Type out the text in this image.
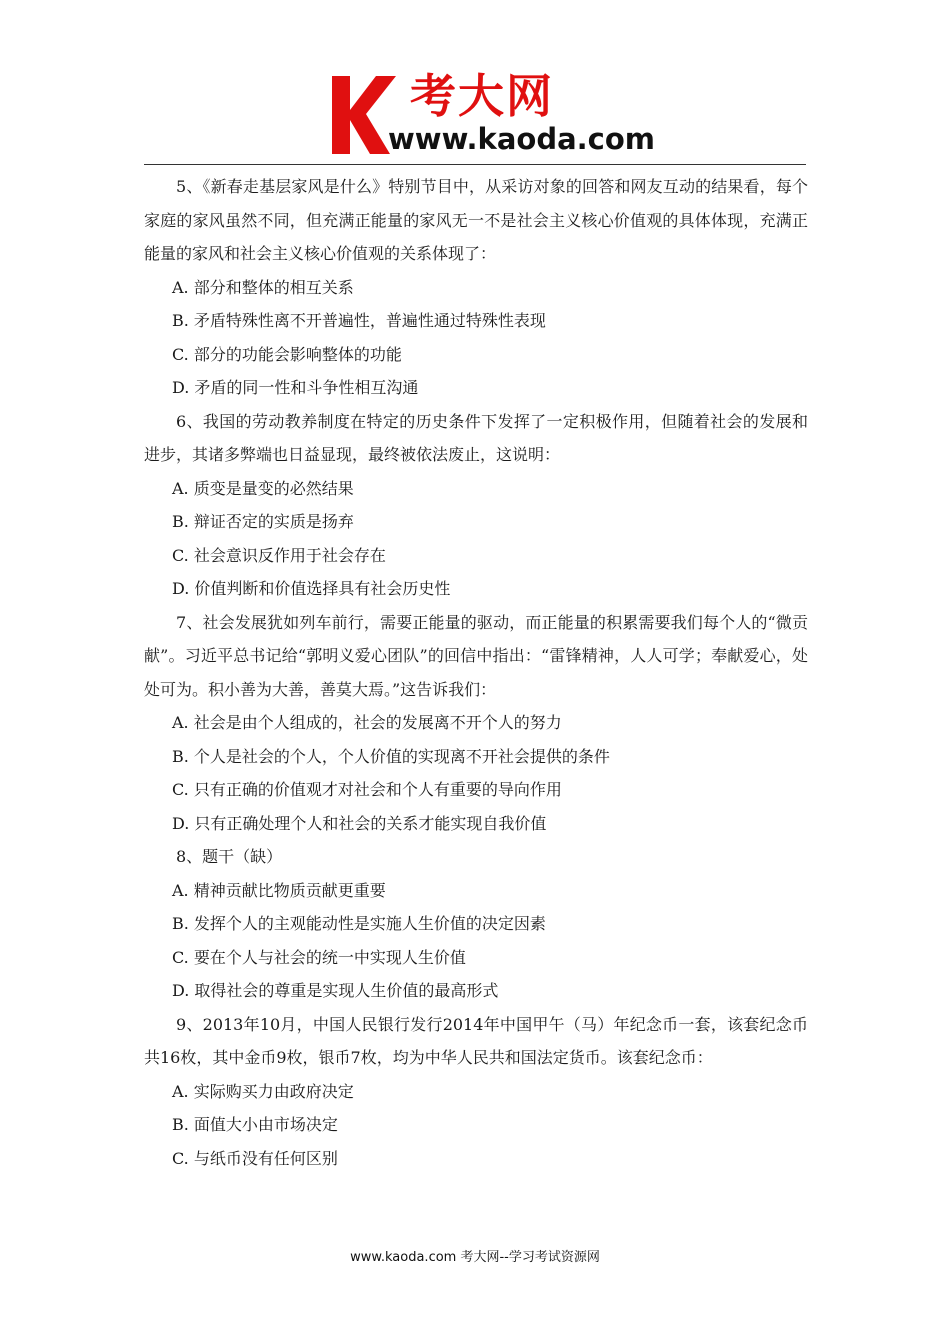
考大网
www.kaoda.com

5、《新春走基层家风是什么》特别节目中，从采访对象的回答和网友互动的结果看，每个家庭的家风虽然不同，但充满正能量的家风无一不是社会主义核心价值观的具体体现，充满正能量的家风和社会主义核心价值观的关系体现了：

A. 部分和整体的相互关系

B. 矛盾特殊性离不开普遍性，普遍性通过特殊性表现

C. 部分的功能会影响整体的功能

D. 矛盾的同一性和斗争性相互沟通

6、我国的劳动教养制度在特定的历史条件下发挥了一定积极作用，但随着社会的发展和进步，其诸多弊端也日益显现，最终被依法废止，这说明：

A. 质变是量变的必然结果

B. 辩证否定的实质是扬弃

C. 社会意识反作用于社会存在

D. 价值判断和价值选择具有社会历史性

7、社会发展犹如列车前行，需要正能量的驱动，而正能量的积累需要我们每个人的“微贡献”。习近平总书记给“郭明义爱心团队”的回信中指出：“雷锋精神，人人可学；奉献爱心，处处可为。积小善为大善，善莫大焉。”这告诉我们：

A. 社会是由个人组成的，社会的发展离不开个人的努力

B. 个人是社会的个人，个人价值的实现离不开社会提供的条件

C. 只有正确的价值观才对社会和个人有重要的导向作用

D. 只有正确处理个人和社会的关系才能实现自我价值

8、题干（缺）

A. 精神贡献比物质贡献更重要

B. 发挥个人的主观能动性是实施人生价值的决定因素

C. 要在个人与社会的统一中实现人生价值

D. 取得社会的尊重是实现人生价值的最高形式

9、2013年10月，中国人民银行发行2014年中国甲午（马）年纪念币一套，该套纪念币共16枚，其中金币9枚，银币7枚，均为中华人民共和国法定货币。该套纪念币：

A. 实际购买力由政府决定

B. 面值大小由市场决定

C. 与纸币没有任何区别

www.kaoda.com 考大网--学习考试资源网
